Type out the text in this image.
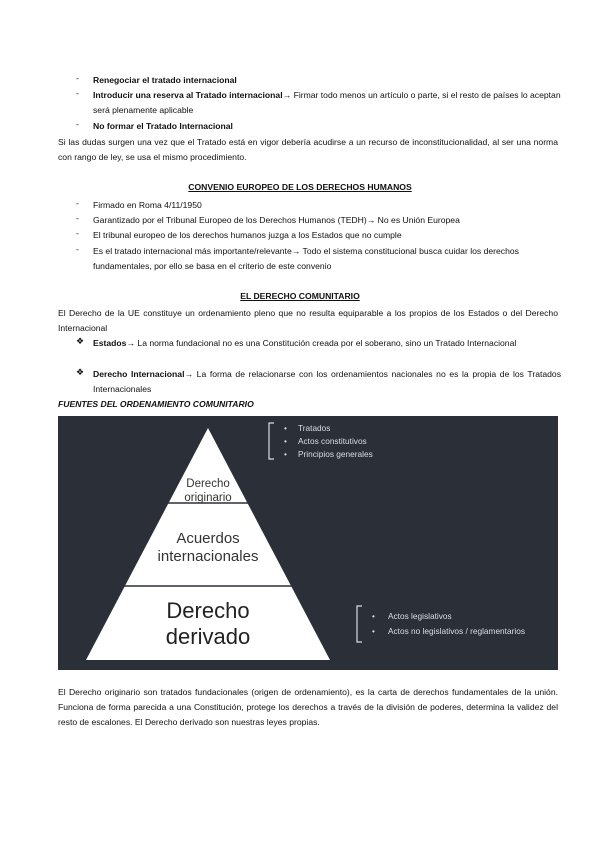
- Renegociar el tratado internacional
- Introducir una reserva al Tratado internacional→ Firmar todo menos un artículo o parte, si el resto de países lo aceptan será plenamente aplicable
- No formar el Tratado Internacional
Si las dudas surgen una vez que el Tratado está en vigor debería acudirse a un recurso de inconstitucionalidad, al ser una norma con rango de ley, se usa el mismo procedimiento.
CONVENIO EUROPEO DE LOS DERECHOS HUMANOS
- Firmado en Roma 4/11/1950
- Garantizado por el Tribunal Europeo de los Derechos Humanos (TEDH)→ No es Unión Europea
- El tribunal europeo de los derechos humanos juzga a los Estados que no cumple
- Es el tratado internacional más importante/relevante→ Todo el sistema constitucional busca cuidar los derechos fundamentales, por ello se basa en el criterio de este convenio
EL DERECHO COMUNITARIO
El Derecho de la UE constituye un ordenamiento pleno que no resulta equiparable a los propios de los Estados o del Derecho Internacional
❖ Estados→ La norma fundacional no es una Constitución creada por el soberano, sino un Tratado Internacional
❖ Derecho Internacional→ La forma de relacionarse con los ordenamientos nacionales no es la propia de los Tratados Internacionales
FUENTES DEL ORDENAMIENTO COMUNITARIO
Derecho
originario
Acuerdos
internacionales
Derecho
derivado
• Tratados
• Actos constitutivos
• Principios generales
• Actos legislativos
• Actos no legislativos / reglamentarios
El Derecho originario son tratados fundacionales (origen de ordenamiento), es la carta de derechos fundamentales de la unión. Funciona de forma parecida a una Constitución, protege los derechos a través de la división de poderes, determina la validez del resto de escalones. El Derecho derivado son nuestras leyes propias.
